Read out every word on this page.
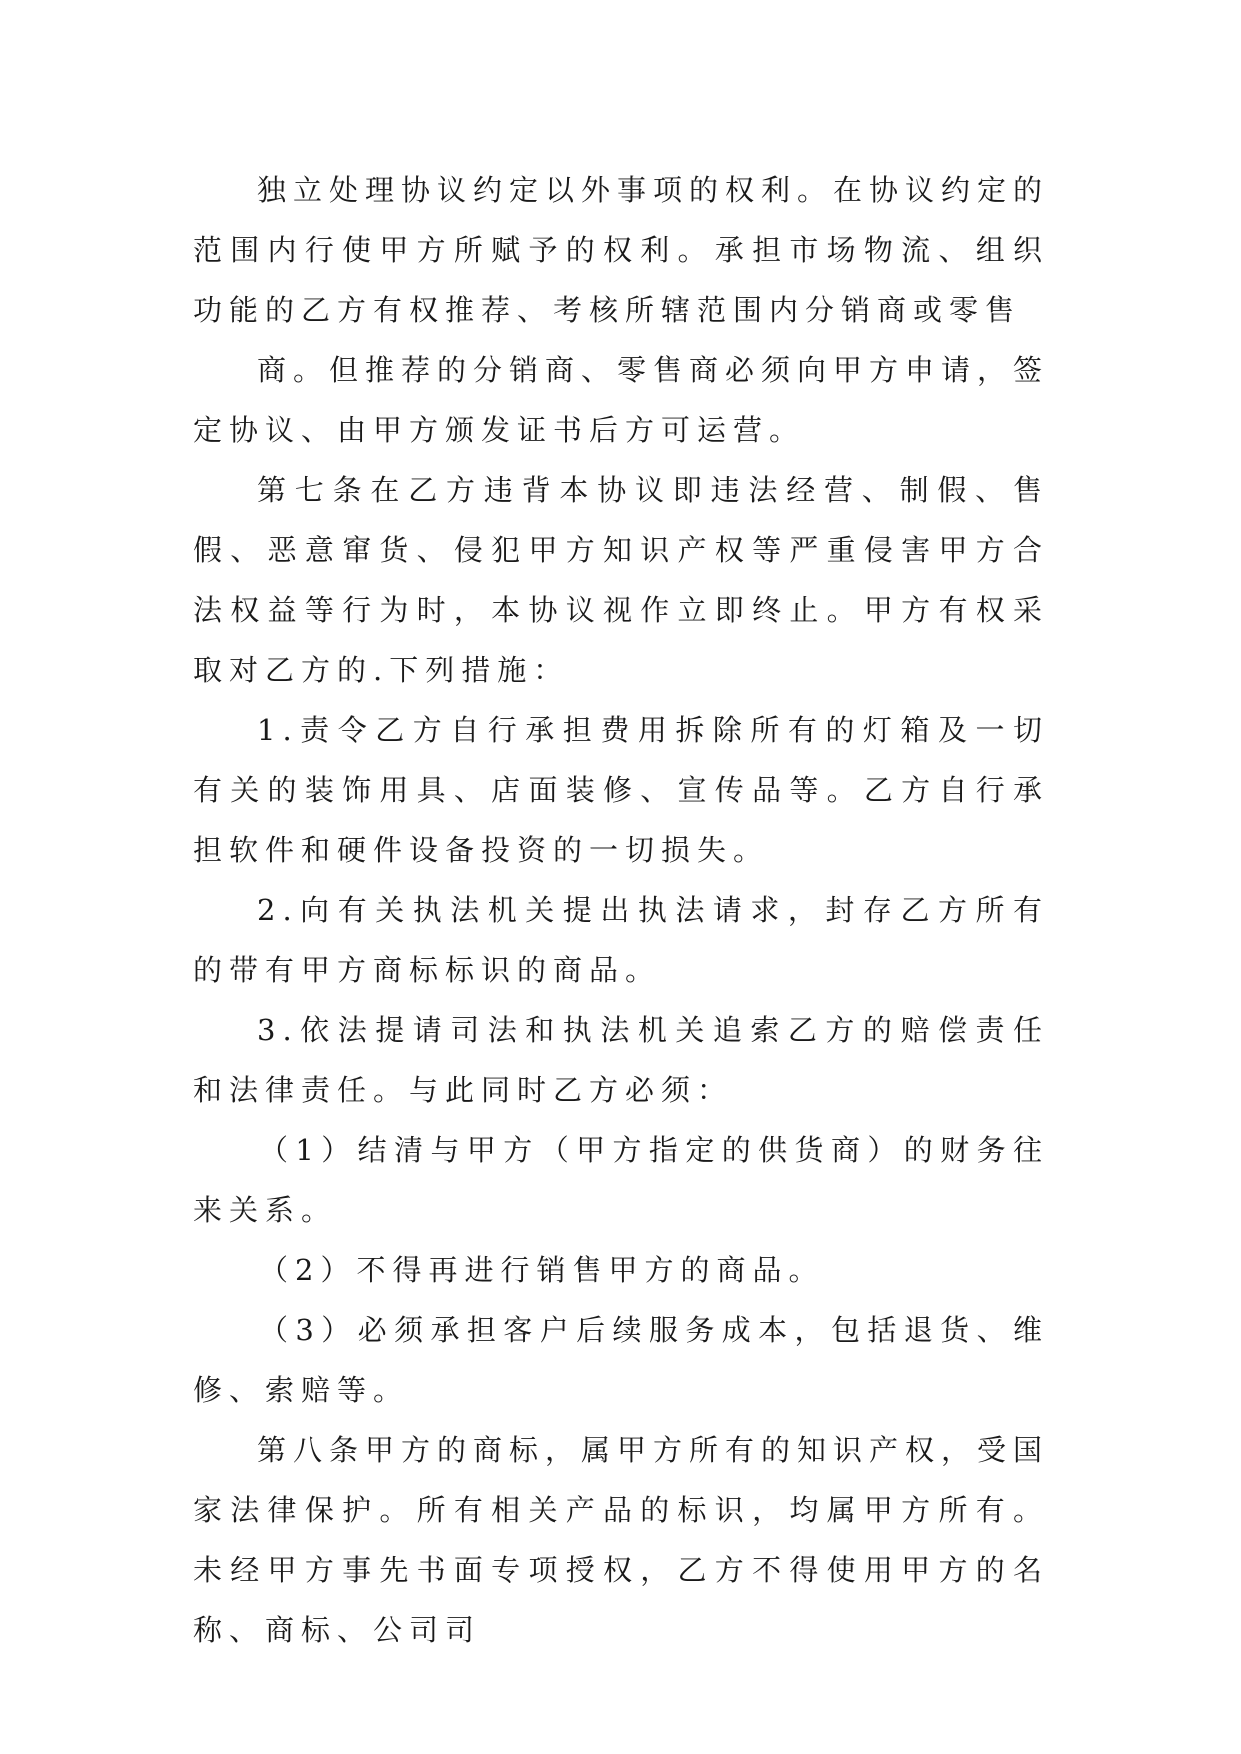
独立处理协议约定以外事项的权利。在协议约定的范围内行使甲方所赋予的权利。承担市场物流、组织功能的乙方有权推荐、考核所辖范围内分销商或零售

商。但推荐的分销商、零售商必须向甲方申请，签定协议、由甲方颁发证书后方可运营。

第七条在乙方违背本协议即违法经营、制假、售假、恶意窜货、侵犯甲方知识产权等严重侵害甲方合法权益等行为时，本协议视作立即终止。甲方有权采取对乙方的.下列措施：

1.责令乙方自行承担费用拆除所有的灯箱及一切有关的装饰用具、店面装修、宣传品等。乙方自行承担软件和硬件设备投资的一切损失。

2.向有关执法机关提出执法请求，封存乙方所有的带有甲方商标标识的商品。

3.依法提请司法和执法机关追索乙方的赔偿责任和法律责任。与此同时乙方必须：

（1）结清与甲方（甲方指定的供货商）的财务往来关系。

（2）不得再进行销售甲方的商品。

（3）必须承担客户后续服务成本，包括退货、维修、索赔等。

第八条甲方的商标，属甲方所有的知识产权，受国家法律保护。所有相关产品的标识，均属甲方所有。未经甲方事先书面专项授权，乙方不得使用甲方的名称、商标、公司司
